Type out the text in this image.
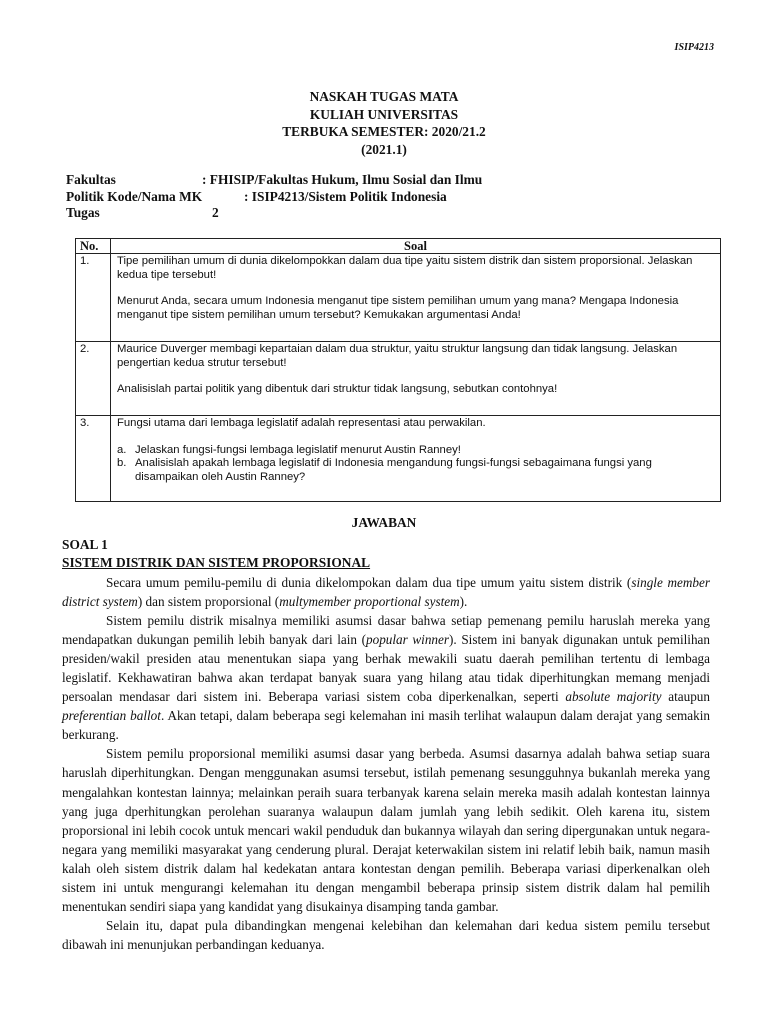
ISIP4213
NASKAH TUGAS MATA
KULIAH UNIVERSITAS
TERBUKA SEMESTER: 2020/21.2
(2021.1)
Fakultas	: FHISIP/Fakultas Hukum, Ilmu Sosial dan Ilmu
Politik Kode/Nama MK	: ISIP4213/Sistem Politik Indonesia
Tugas	2
No.	Soal
1.	Tipe pemilihan umum di dunia dikelompokkan dalam dua tipe yaitu sistem distrik dan sistem proporsional. Jelaskan kedua tipe tersebut!

Menurut Anda, secara umum Indonesia menganut tipe sistem pemilihan umum yang mana? Mengapa Indonesia menganut tipe sistem pemilihan umum tersebut? Kemukakan argumentasi Anda!

2.	Maurice Duverger membagi kepartaian dalam dua struktur, yaitu struktur langsung dan tidak langsung. Jelaskan pengertian kedua strutur tersebut!

Analisislah partai politik yang dibentuk dari struktur tidak langsung, sebutkan contohnya!

3.	Fungsi utama dari lembaga legislatif adalah representasi atau perwakilan.

a. Jelaskan fungsi-fungsi lembaga legislatif menurut Austin Ranney!
b. Analisislah apakah lembaga legislatif di Indonesia mengandung fungsi-fungsi sebagaimana fungsi yang disampaikan oleh Austin Ranney?
JAWABAN
SOAL 1
SISTEM DISTRIK DAN SISTEM PROPORSIONAL

Secara umum pemilu-pemilu di dunia dikelompokan dalam dua tipe umum yaitu sistem distrik (single member district system) dan sistem proporsional (multymember proportional system).

Sistem pemilu distrik misalnya memiliki asumsi dasar bahwa setiap pemenang pemilu haruslah mereka yang mendapatkan dukungan pemilih lebih banyak dari lain (popular winner). Sistem ini banyak digunakan untuk pemilihan presiden/wakil presiden atau menentukan siapa yang berhak mewakili suatu daerah pemilihan tertentu di lembaga legislatif. Kekhawatiran bahwa akan terdapat banyak suara yang hilang atau tidak diperhitungkan memang menjadi persoalan mendasar dari sistem ini. Beberapa variasi sistem coba diperkenalkan, seperti absolute majority ataupun preferentian ballot. Akan tetapi, dalam beberapa segi kelemahan ini masih terlihat walaupun dalam derajat yang semakin berkurang.

Sistem pemilu proporsional memiliki asumsi dasar yang berbeda. Asumsi dasarnya adalah bahwa setiap suara haruslah diperhitungkan. Dengan menggunakan asumsi tersebut, istilah pemenang sesungguhnya bukanlah mereka yang mengalahkan kontestan lainnya; melainkan peraih suara terbanyak karena selain mereka masih adalah kontestan lainnya yang juga dperhitungkan perolehan suaranya walaupun dalam jumlah yang lebih sedikit. Oleh karena itu, sistem proporsional ini lebih cocok untuk mencari wakil penduduk dan bukannya wilayah dan sering dipergunakan untuk negara-negara yang memiliki masyarakat yang cenderung plural. Derajat keterwakilan sistem ini relatif lebih baik, namun masih kalah oleh sistem distrik dalam hal kedekatan antara kontestan dengan pemilih. Beberapa variasi diperkenalkan oleh sistem ini untuk mengurangi kelemahan itu dengan mengambil beberapa prinsip sistem distrik dalam hal pemilih menentukan sendiri siapa yang kandidat yang disukainya disamping tanda gambar.

Selain itu, dapat pula dibandingkan mengenai kelebihan dan kelemahan dari kedua sistem pemilu tersebut dibawah ini menunjukan perbandingan keduanya.
